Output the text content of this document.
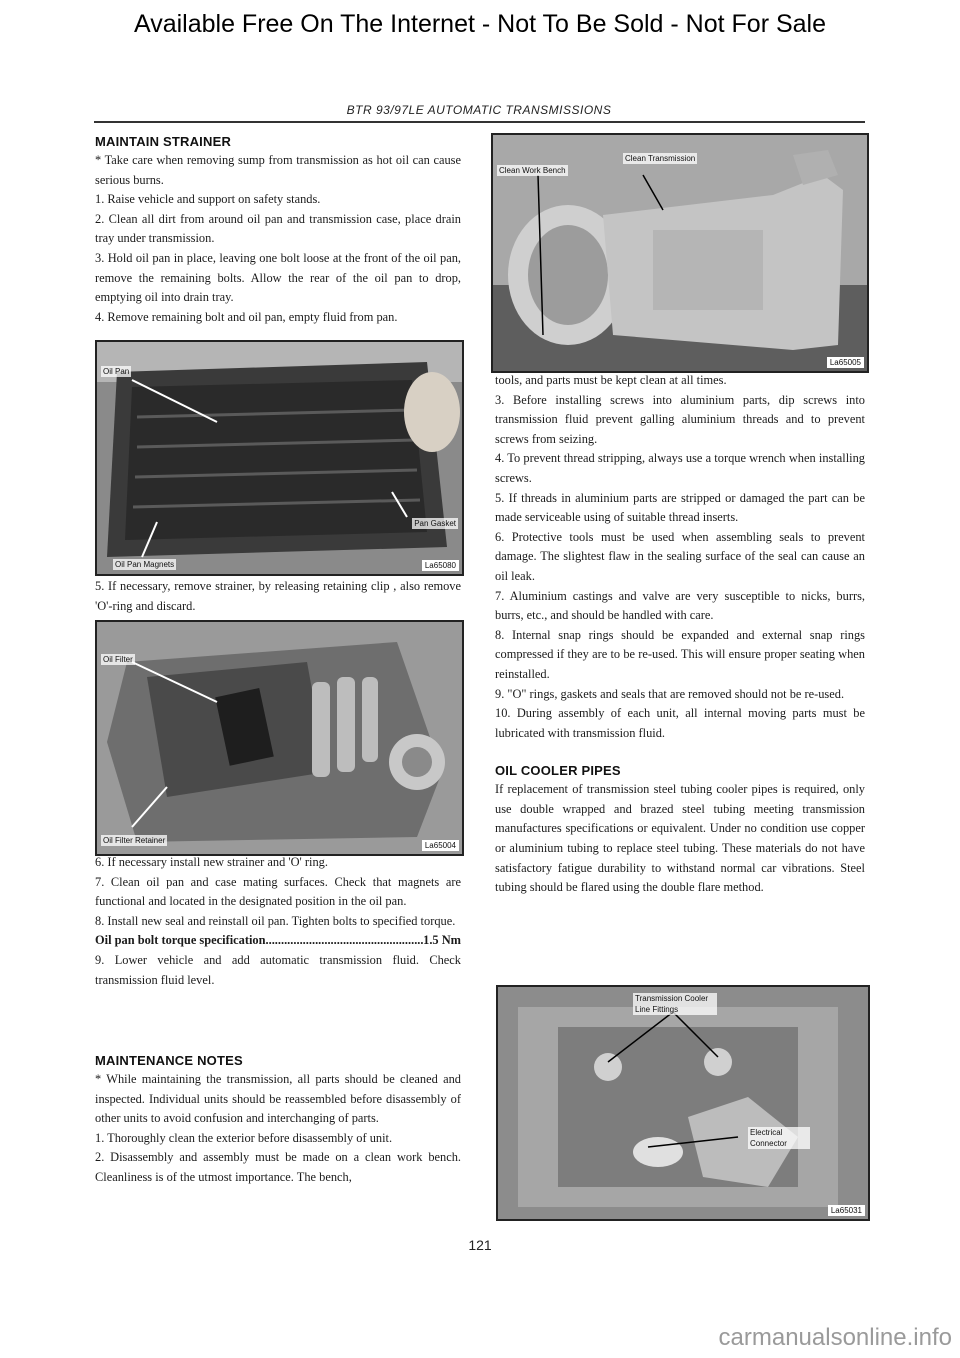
Available Free On The Internet - Not To Be Sold - Not For Sale
BTR 93/97LE AUTOMATIC TRANSMISSIONS
MAINTAIN STRAINER

* Take care when removing sump from transmission as hot oil can cause serious burns.

1. Raise vehicle and support on safety stands.

2. Clean all dirt from around oil pan and transmission case, place drain tray under transmission.

3. Hold oil pan in place, leaving one bolt loose at the front of the oil pan, remove the remaining bolts. Allow the rear of the oil pan to drop, emptying oil into drain tray.

4. Remove remaining bolt and oil pan, empty fluid from pan.

Oil Pan
Pan Gasket
Oil Pan Magnets	La65080

5. If necessary, remove strainer, by releasing retaining clip , also remove 'O'-ring and discard.

Oil Filter
Oil Filter Retainer
La65004

6. If necessary install new strainer and 'O' ring.

7. Clean oil pan and case mating surfaces. Check that magnets are functional and located in the designated position in the oil pan.

8. Install new seal and reinstall oil pan. Tighten bolts to specified torque.

Oil pan bolt torque specification
.....	1.5 Nm

9. Lower vehicle and add automatic transmission fluid. Check transmission fluid level.

MAINTENANCE NOTES

* While maintaining the transmission, all parts should be cleaned and inspected. Individual units should be reassembled before disassembly of other units to avoid confusion and interchanging of parts.

1. Thoroughly clean the exterior before disassembly of unit.

2. Disassembly and assembly must be made on a clean work bench. Cleanliness is of the utmost importance. The bench,

Clean Transmission
Clean Work Bench
La65005

tools, and parts must be kept clean at all times.

3. Before installing screws into aluminium parts, dip screws into transmission fluid prevent galling aluminium threads and to prevent screws from seizing.

4. To prevent thread stripping, always use a torque wrench when installing screws.

5. If threads in aluminium parts are stripped or damaged the part can be made serviceable using of suitable thread inserts.

6. Protective tools must be used when assembling seals to prevent damage. The slightest flaw in the sealing surface of the seal can cause an oil leak.

7. Aluminium castings and valve are very susceptible to nicks, burrs, burrs, etc., and should be handled with care.

8. Internal snap rings should be expanded and external snap rings compressed if they are to be re-used. This will ensure proper seating when reinstalled.

9. "O" rings, gaskets and seals that are removed should not be re-used.

10. During assembly of each unit, all internal moving parts must be lubricated with transmission fluid.

OIL COOLER PIPES

If replacement of transmission steel tubing cooler pipes is required, only use double wrapped and brazed steel tubing meeting transmission manufactures specifications or equivalent. Under no condition use copper or aluminium tubing to replace steel tubing. These materials do not have satisfactory fatigue durability to withstand normal car vibrations. Steel tubing should be flared using the double flare method.

Transmission Cooler Line Fittings
Electrical Connector
La65031
121
carmanualsonline.info
